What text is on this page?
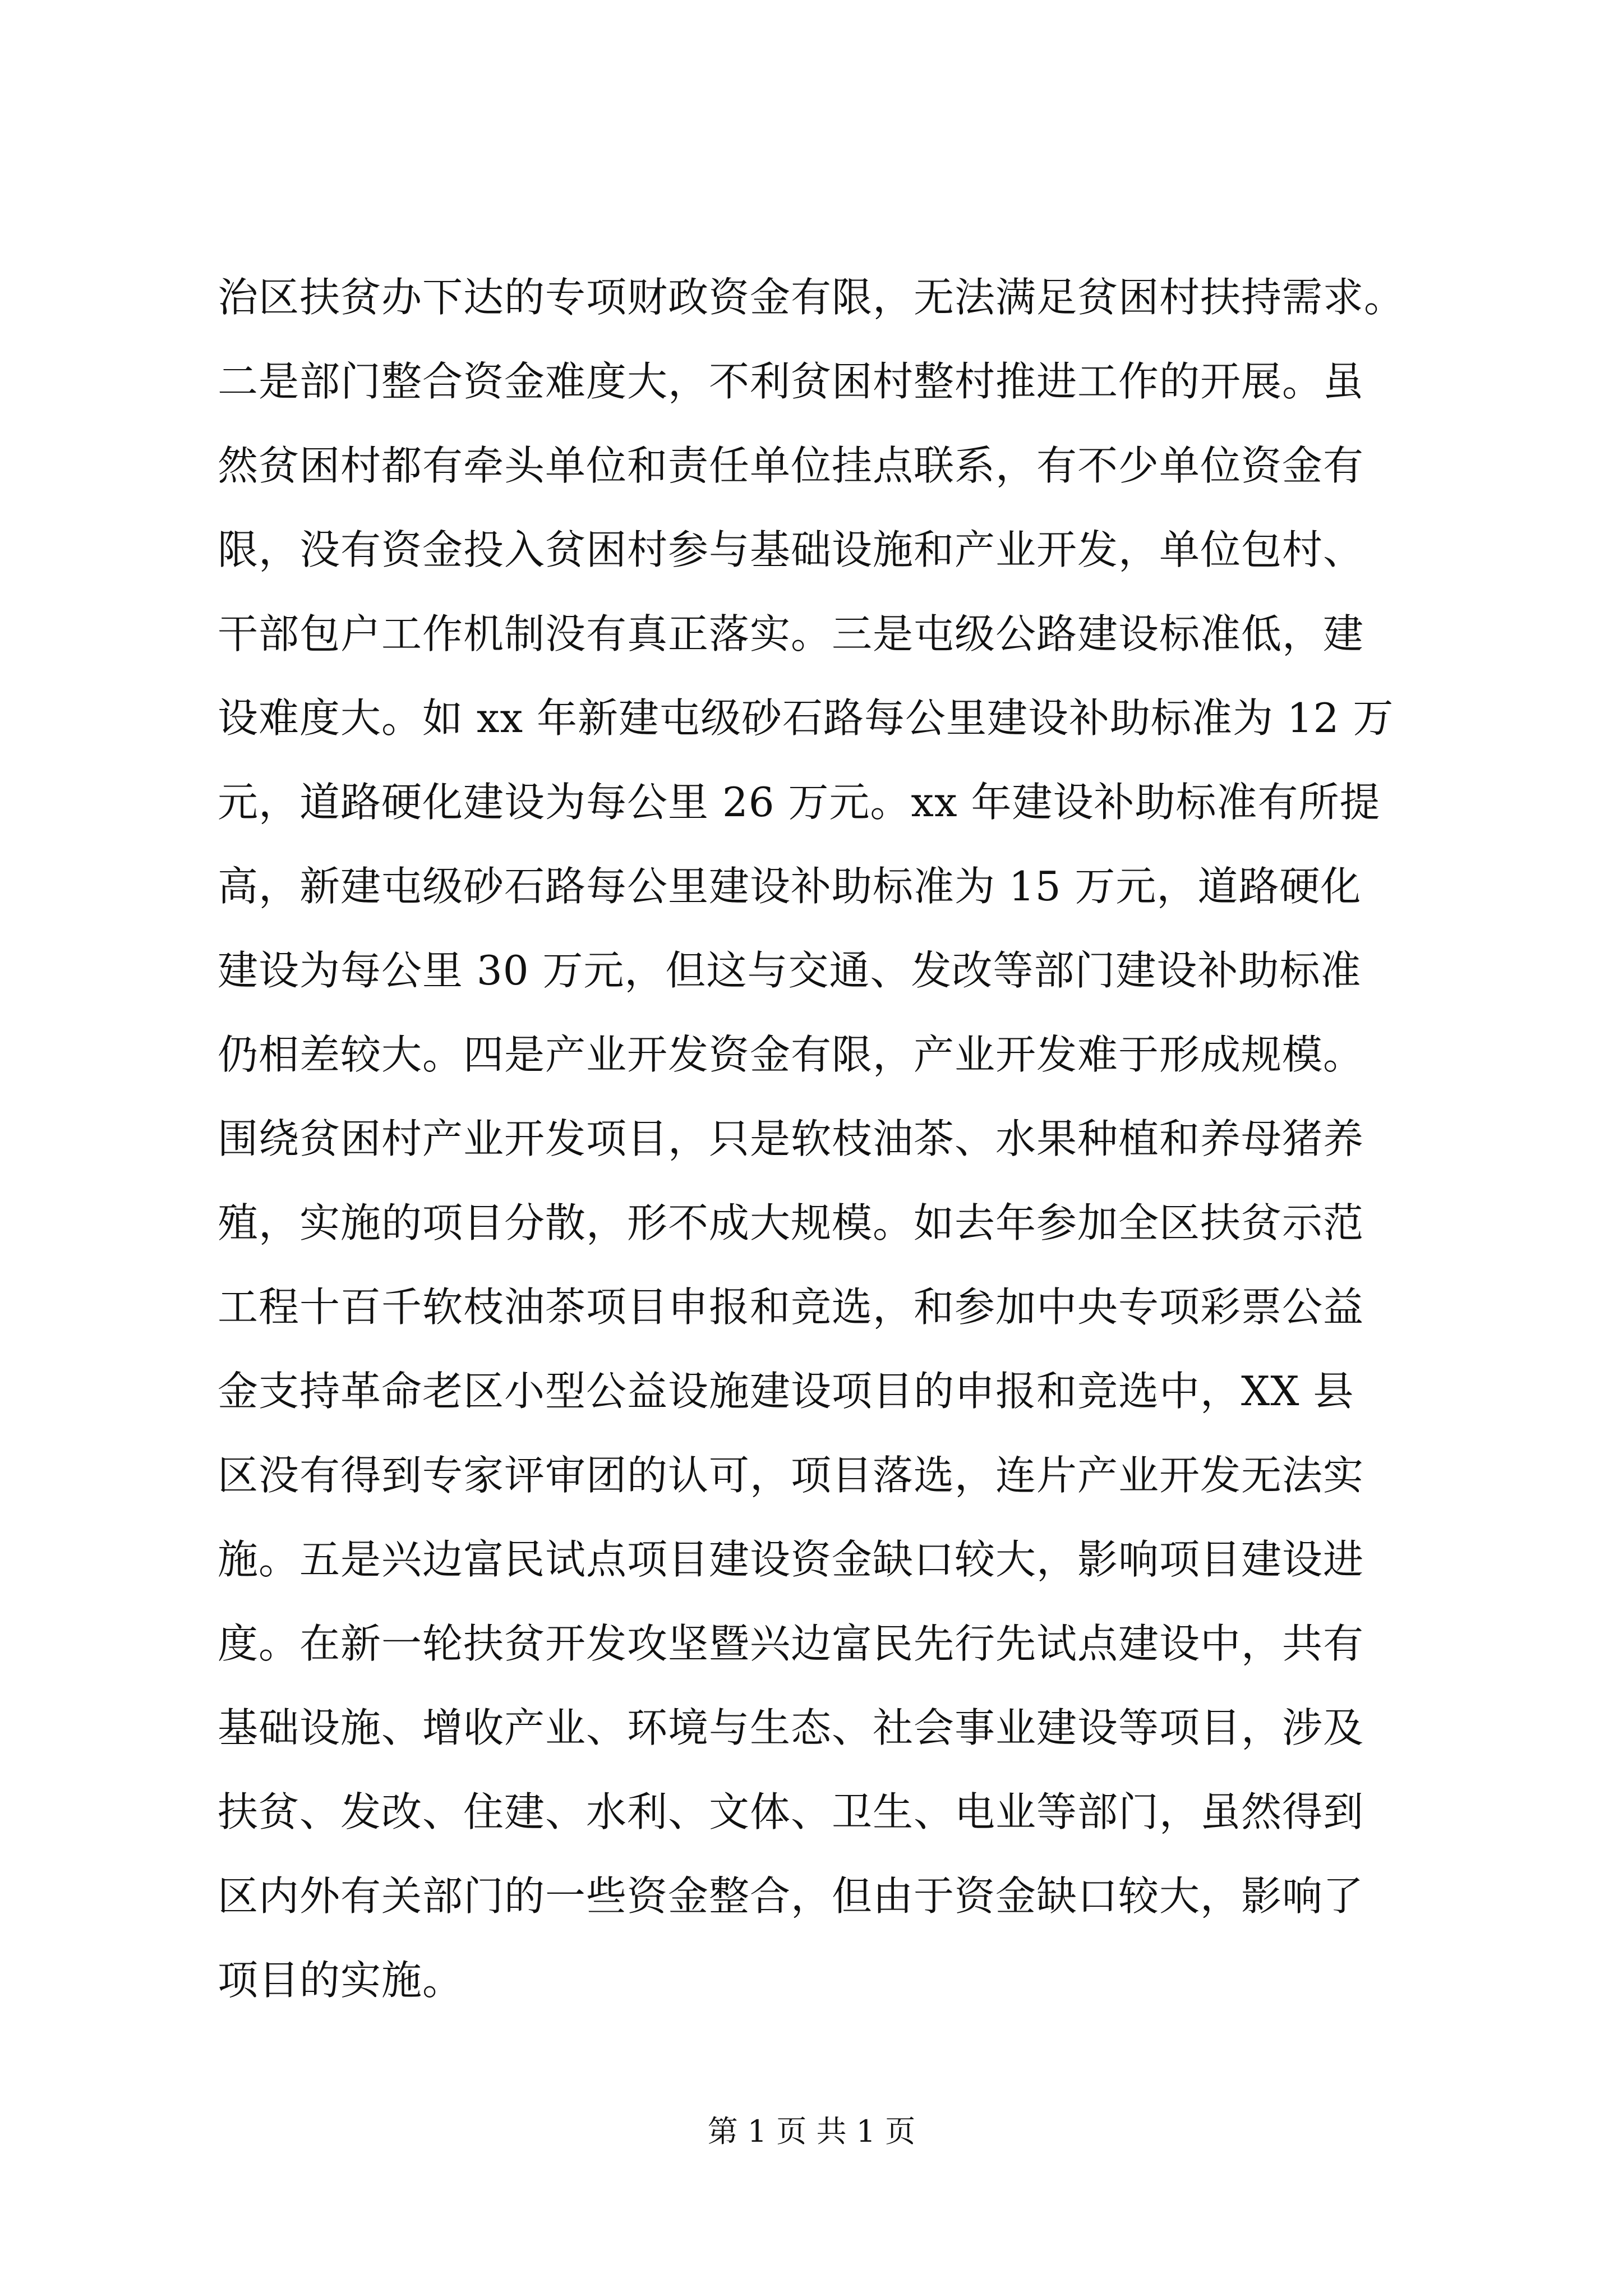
治区扶贫办下达的专项财政资金有限，无法满足贫困村扶持需求。
二是部门整合资金难度大，不利贫困村整村推进工作的开展。虽
然贫困村都有牵头单位和责任单位挂点联系，有不少单位资金有
限，没有资金投入贫困村参与基础设施和产业开发，单位包村、
干部包户工作机制没有真正落实。三是屯级公路建设标准低，建
设难度大。如 xx 年新建屯级砂石路每公里建设补助标准为 12 万
元，道路硬化建设为每公里 26 万元。xx 年建设补助标准有所提
高，新建屯级砂石路每公里建设补助标准为 15 万元，道路硬化
建设为每公里 30 万元，但这与交通、发改等部门建设补助标准
仍相差较大。四是产业开发资金有限，产业开发难于形成规模。
围绕贫困村产业开发项目，只是软枝油茶、水果种植和养母猪养
殖，实施的项目分散，形不成大规模。如去年参加全区扶贫示范
工程十百千软枝油茶项目申报和竞选，和参加中央专项彩票公益
金支持革命老区小型公益设施建设项目的申报和竞选中，XX 县
区没有得到专家评审团的认可，项目落选，连片产业开发无法实
施。五是兴边富民试点项目建设资金缺口较大，影响项目建设进
度。在新一轮扶贫开发攻坚暨兴边富民先行先试点建设中，共有
基础设施、增收产业、环境与生态、社会事业建设等项目，涉及
扶贫、发改、住建、水利、文体、卫生、电业等部门，虽然得到
区内外有关部门的一些资金整合，但由于资金缺口较大，影响了
项目的实施。
第 1 页 共 1 页
